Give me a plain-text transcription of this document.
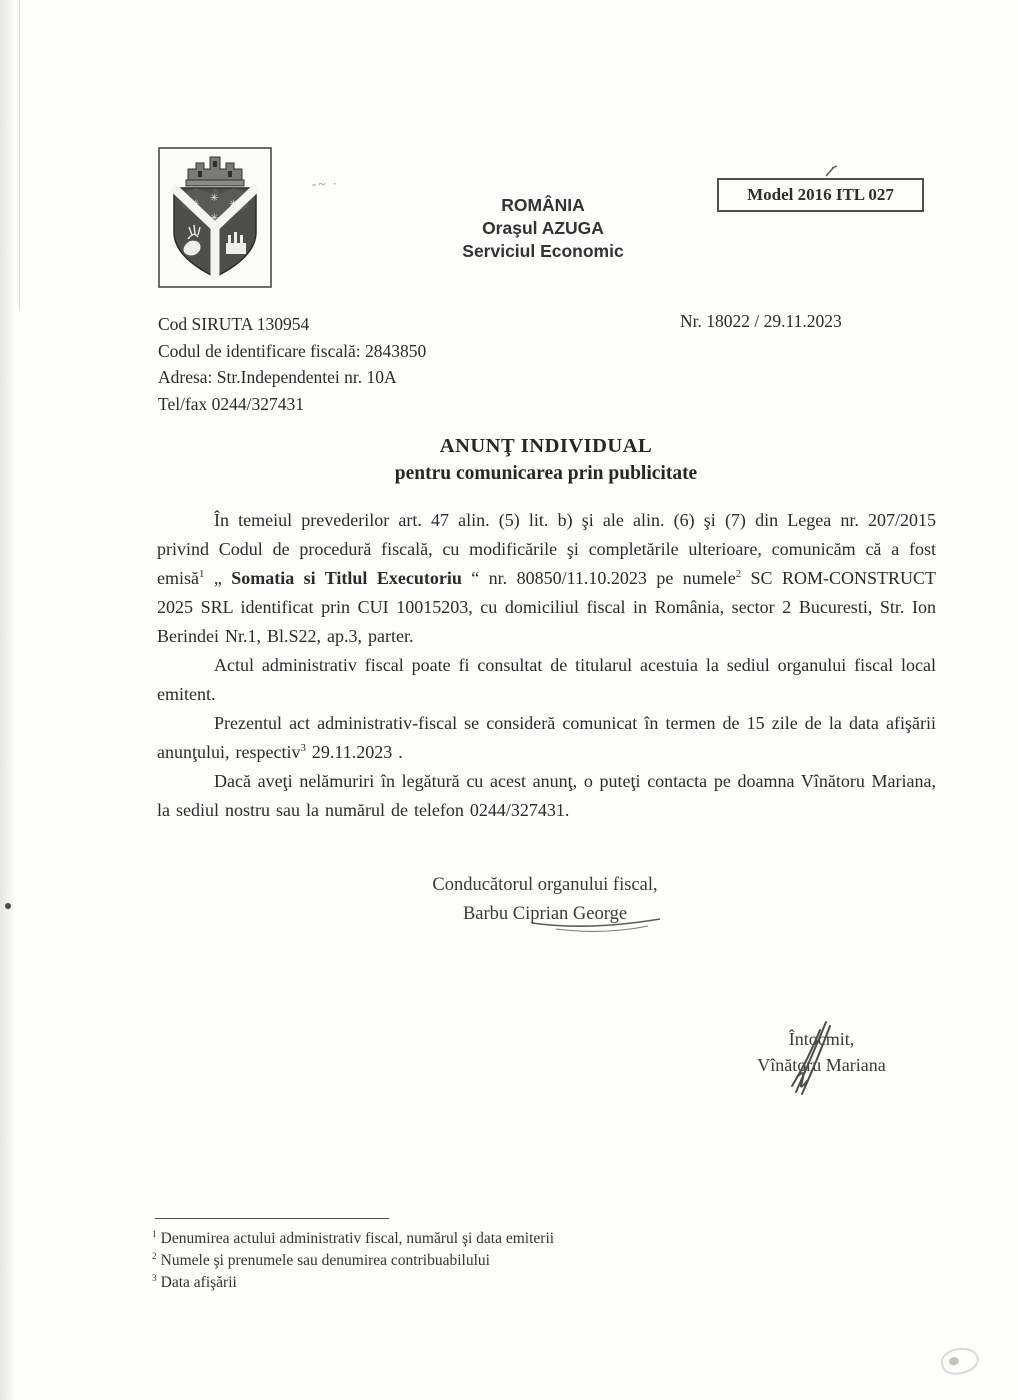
-~ ·
✳
✳
✳
✳
ROMÂNIA
Oraşul AZUGA
Serviciul Economic
Model 2016 ITL 027
Cod SIRUTA 130954
Codul de identificare fiscală: 2843850
Adresa: Str.Independentei nr. 10A
Tel/fax 0244/327431
Nr. 18022 / 29.11.2023
ANUNŢ INDIVIDUAL
pentru comunicarea prin publicitate

În temeiul prevederilor art. 47 alin. (5) lit. b) şi ale alin. (6) şi (7) din Legea nr. 207/2015 privind Codul de procedură fiscală, cu modificările şi completările ulterioare, comunicăm că a fost emisă$^1$ „ Somatia si Titlul Executoriu “ nr. 80850/11.10.2023 pe numele$^2$ SC ROM-CONSTRUCT 2025 SRL identificat prin CUI 10015203, cu domiciliul fiscal in România, sector 2 Bucuresti, Str. Ion Berindei Nr.1, Bl.S22, ap.3, parter.

Actul administrativ fiscal poate fi consultat de titularul acestuia la sediul organului fiscal local emitent.

Prezentul act administrativ-fiscal se consideră comunicat în termen de 15 zile de la data afişării anunţului, respectiv$^3$ 29.11.2023 .

Dacă aveţi nelămuriri în legătură cu acest anunţ, o puteţi contacta pe doamna Vînătoru Mariana, la sediul nostru sau la numărul de telefon 0244/327431.

Conducătorul organului fiscal,
Barbu Ciprian George
Întocmit,
Vînătoru Mariana
$^1$ Denumirea actului administrativ fiscal, numărul şi data emiterii
$^2$ Numele şi prenumele sau denumirea contribuabilului
$^3$ Data afişării
